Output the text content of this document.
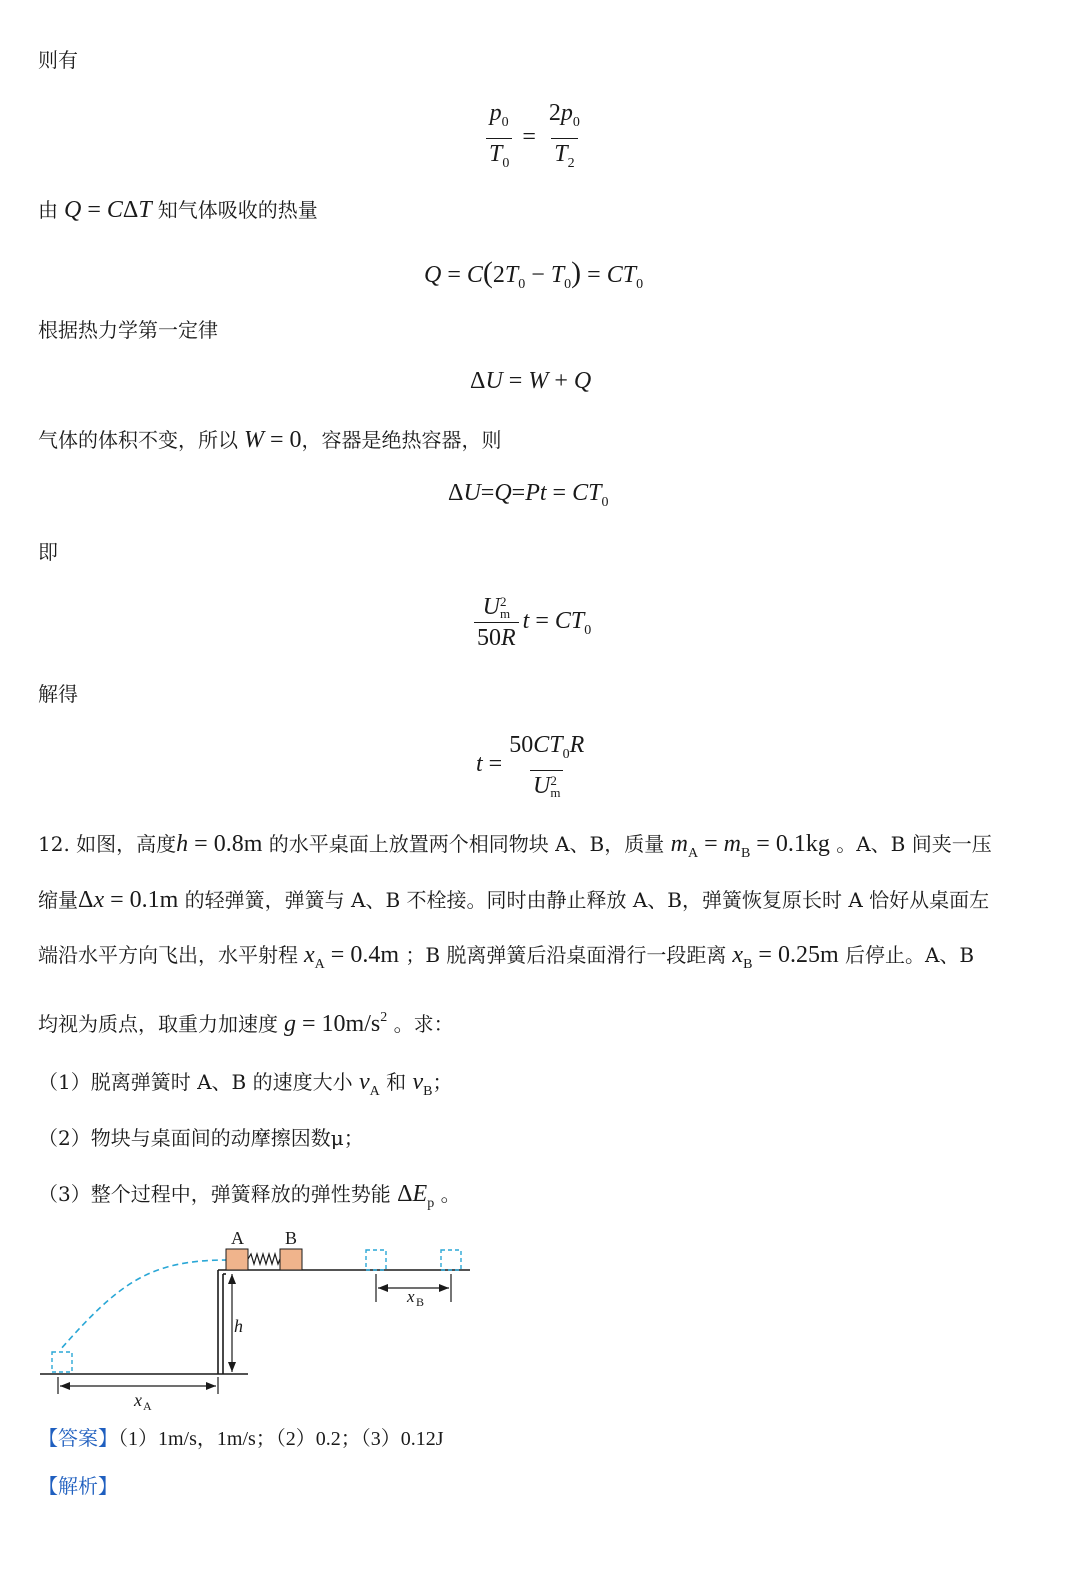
则有
$\frac{p_0}{T_0} = \frac{2p_0}{T_2}$
由 Q = CΔT 知气体吸收的热量
$Q = C(2T_0 - T_0) = CT_0$
根据热力学第一定律
ΔU = W + Q
气体的体积不变，所以 W = 0，容器是绝热容器，则
$\Delta U=Q=Pt = CT_0$
即
U 2
m
50R $t = CT_0$
解得
$t = 50CT_0R$
U 2
m
12. 如图，高度h = 0.8m 的水平桌面上放置两个相同物块 A、B，质量 $m_A = m_B = 0.1kg$ 。A、B 间夹一压
缩量Δx = 0.1m 的轻弹簧，弹簧与 A、B 不栓接。同时由静止释放 A、B，弹簧恢复原长时 A 恰好从桌面左
端沿水平方向飞出，水平射程 $x_A = 0.4m$ ；B 脱离弹簧后沿桌面滑行一段距离 $x_B = 0.25m$ 后停止。A、B
均视为质点，取重力加速度 $g = 10m/s^2$ 。求：
（1）脱离弹簧时 A、B 的速度大小 $v_A$ 和 $v_B$；
（2）物块与桌面间的动摩擦因数μ；
（3）整个过程中，弹簧释放的弹性势能 $\Delta E_p$ 。
A B
h
x A
x B
【答案】（1）1m/s，1m/s；（2）0.2；（3）0.12J
【解析】
